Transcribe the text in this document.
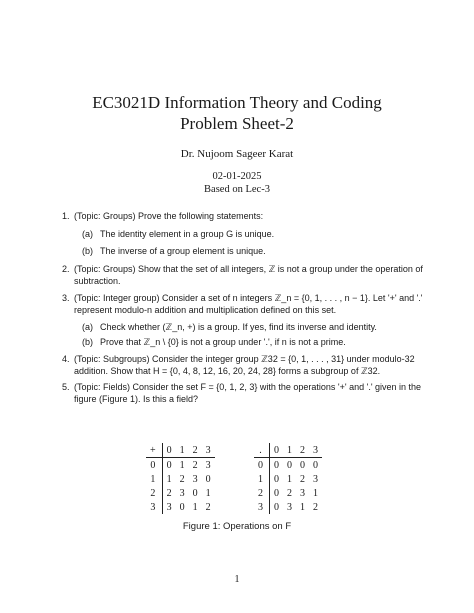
EC3021D Information Theory and Coding
Problem Sheet-2
Dr. Nujoom Sageer Karat
02-01-2025
Based on Lec-3
1. (Topic: Groups) Prove the following statements:
(a) The identity element in a group G is unique.
(b) The inverse of a group element is unique.
2. (Topic: Groups) Show that the set of all integers, ℤ is not a group under the operation of subtraction.
3. (Topic: Integer group) Consider a set of n integers ℤ_n = {0, 1, . . . , n − 1}. Let '+' and '.' represent modulo-n addition and multiplication defined on this set.
(a) Check whether (ℤ_n, +) is a group. If yes, find its inverse and identity.
(b) Prove that ℤ_n \ {0} is not a group under '.', if n is not a prime.
4. (Topic: Subgroups) Consider the integer group ℤ32 = {0, 1, . . . , 31} under modulo-32 addition. Show that H = {0, 4, 8, 12, 16, 20, 24, 28} forms a subgroup of ℤ32.
5. (Topic: Fields) Consider the set F = {0, 1, 2, 3} with the operations '+' and '.' given in the figure (Figure 1). Is this a field?
+	0	1	2	3
0	0	1	2	3
1	1	2	3	0
2	2	3	0	1
3	3	0	1	2
.	0	1	2	3
0	0	0	0	0
1	0	1	2	3
2	0	2	3	1
3	0	3	1	2
Figure 1: Operations on F
1
